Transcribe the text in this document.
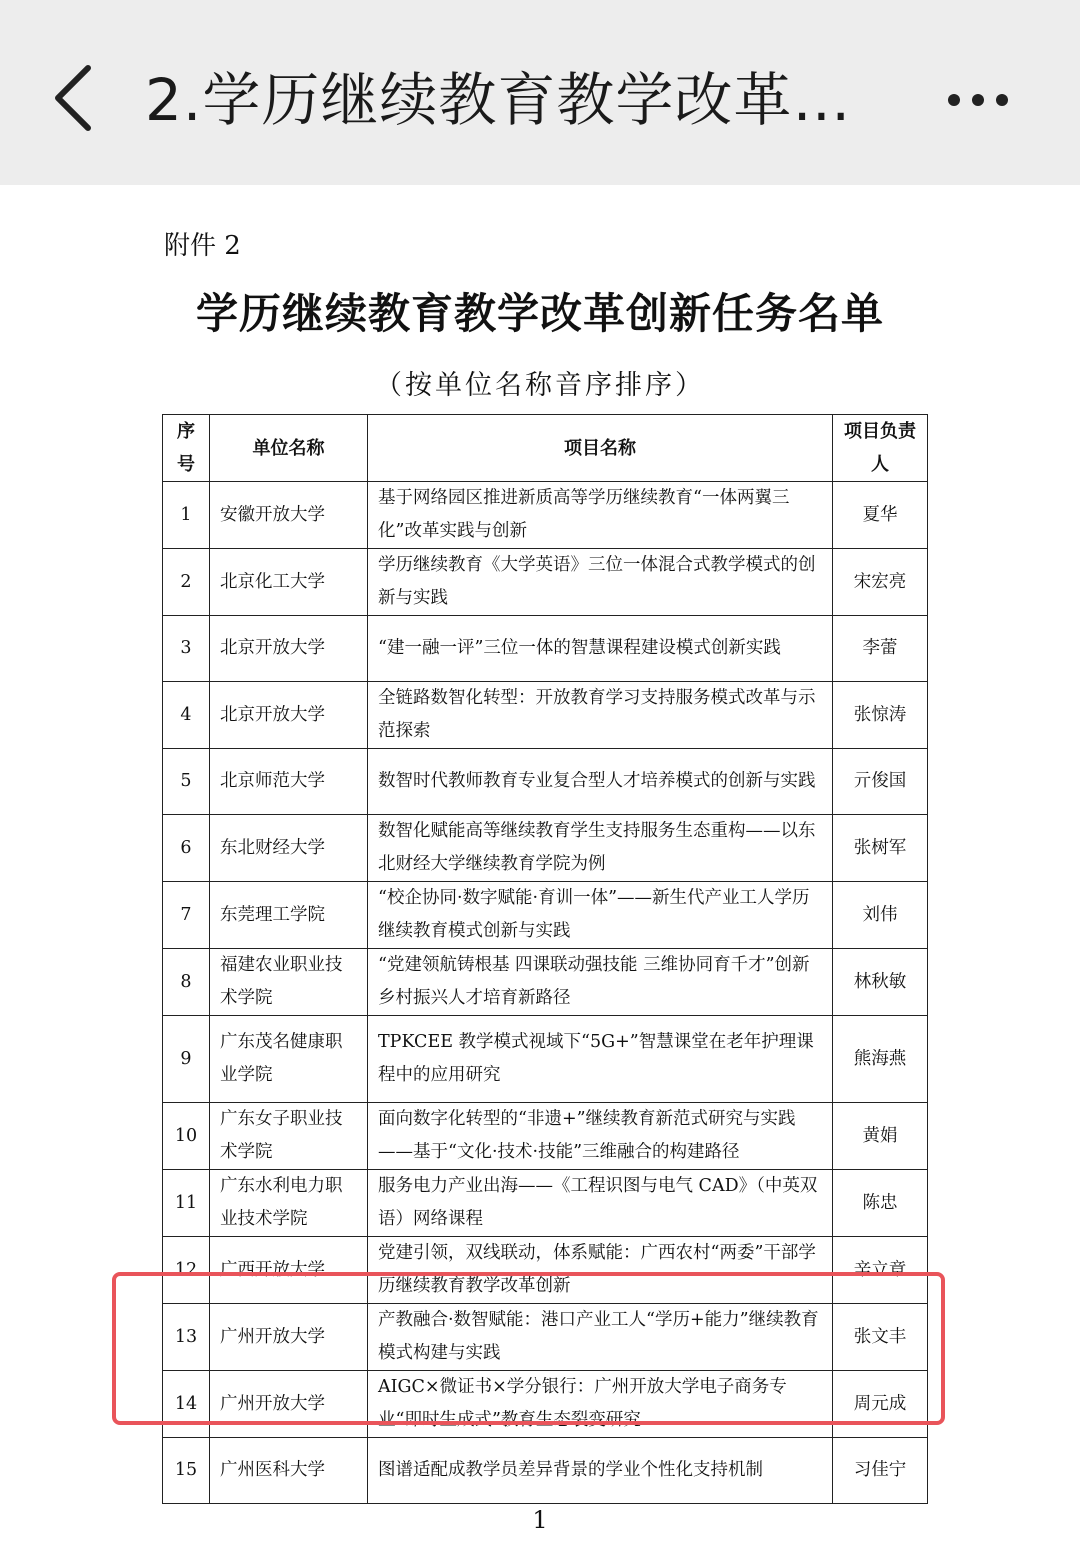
2.学历继续教育教学改革…
附件 2
学历继续教育教学改革创新任务名单
（按单位名称音序排序）
序号	单位名称	项目名称	项目负责人
1	安徽开放大学	基于网络园区推进新质高等学历继续教育“一体两翼三化”改革实践与创新	夏华
2	北京化工大学	学历继续教育《大学英语》三位一体混合式教学模式的创新与实践	宋宏亮
3	北京开放大学	“建一融一评”三位一体的智慧课程建设模式创新实践	李蕾
4	北京开放大学	全链路数智化转型：开放教育学习支持服务模式改革与示范探索	张惊涛
5	北京师范大学	数智时代教师教育专业复合型人才培养模式的创新与实践	亓俊国
6	东北财经大学	数智化赋能高等继续教育学生支持服务生态重构——以东北财经大学继续教育学院为例	张树军
7	东莞理工学院	“校企协同·数字赋能·育训一体”——新生代产业工人学历继续教育模式创新与实践	刘伟
8	福建农业职业技术学院	“党建领航铸根基 四课联动强技能 三维协同育千才”创新乡村振兴人才培育新路径	林秋敏
9	广东茂名健康职业学院	TPKCEE 教学模式视域下“5G+”智慧课堂在老年护理课程中的应用研究	熊海燕
10	广东女子职业技术学院	面向数字化转型的“非遗+”继续教育新范式研究与实践——基于“文化·技术·技能”三维融合的构建路径	黄娟
11	广东水利电力职业技术学院	服务电力产业出海——《工程识图与电气 CAD》（中英双语）网络课程	陈忠
12	广西开放大学	党建引领，双线联动，体系赋能：广西农村“两委”干部学历继续教育教学改革创新	辛立章
13	广州开放大学	产教融合·数智赋能：港口产业工人“学历+能力”继续教育模式构建与实践	张文丰
14	广州开放大学	AIGC×微证书×学分银行：广州开放大学电子商务专业“即时生成式”教育生态裂变研究	周元成
15	广州医科大学	图谱适配成教学员差异背景的学业个性化支持机制	习佳宁
1
